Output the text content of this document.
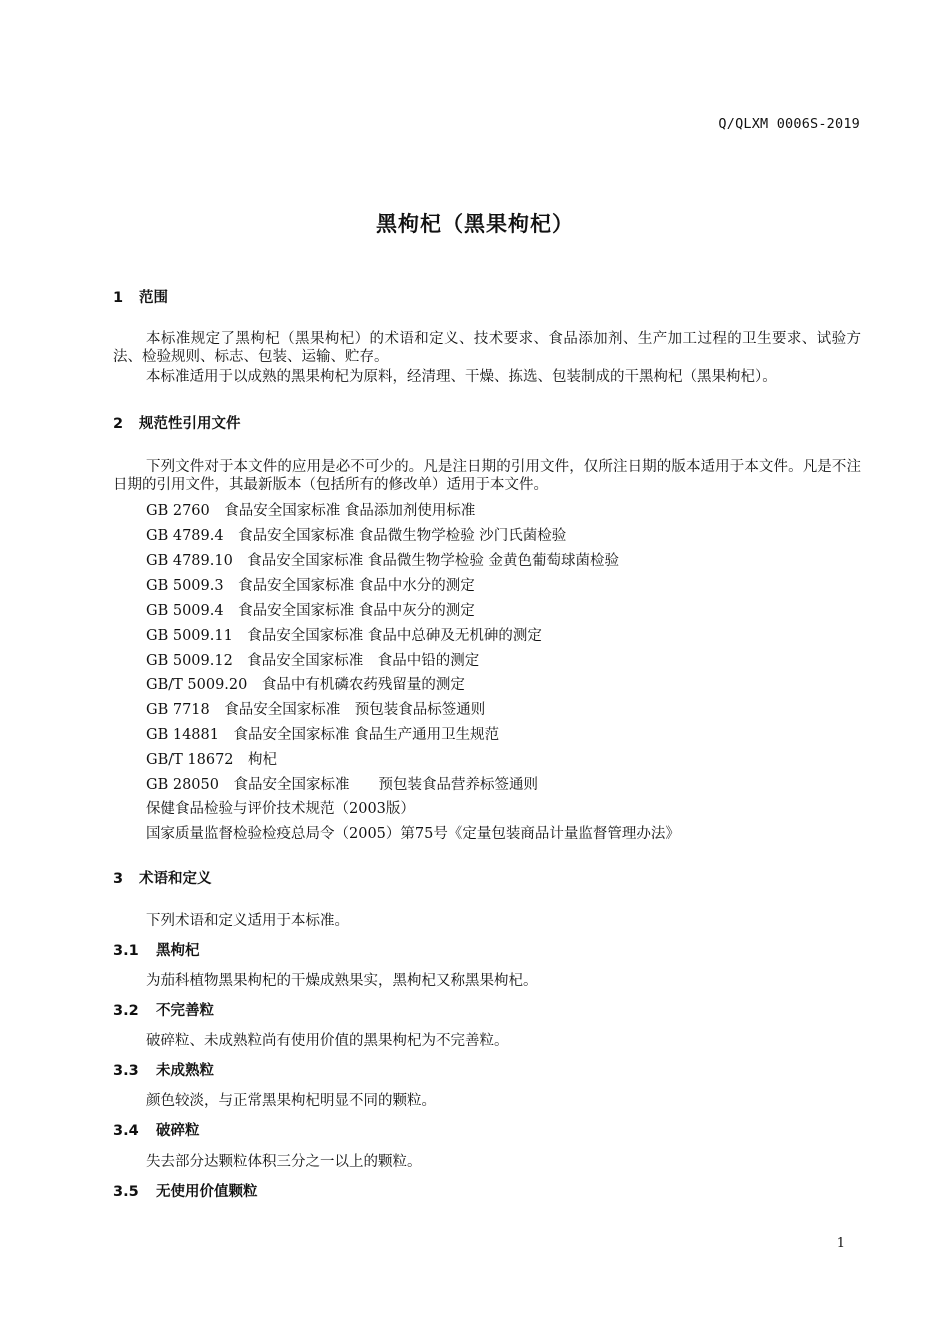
Q/QLXM 0006S-2019
黑枸杞（黑果枸杞）
1 范围
本标准规定了黑枸杞（黑果枸杞）的术语和定义、技术要求、食品添加剂、生产加工过程的卫生要求、试验方法、检验规则、标志、包装、运输、贮存。
本标准适用于以成熟的黑果枸杞为原料，经清理、干燥、拣选、包装制成的干黑枸杞（黑果枸杞）。
2 规范性引用文件
下列文件对于本文件的应用是必不可少的。凡是注日期的引用文件，仅所注日期的版本适用于本文件。凡是不注日期的引用文件，其最新版本（包括所有的修改单）适用于本文件。
GB 2760　食品安全国家标准 食品添加剂使用标准
GB 4789.4　食品安全国家标准 食品微生物学检验 沙门氏菌检验
GB 4789.10　食品安全国家标准 食品微生物学检验 金黄色葡萄球菌检验
GB 5009.3　食品安全国家标准 食品中水分的测定
GB 5009.4　食品安全国家标准 食品中灰分的测定
GB 5009.11　食品安全国家标准 食品中总砷及无机砷的测定
GB 5009.12　食品安全国家标准　食品中铅的测定
GB/T 5009.20　食品中有机磷农药残留量的测定
GB 7718　食品安全国家标准　预包装食品标签通则
GB 14881　食品安全国家标准 食品生产通用卫生规范
GB/T 18672　枸杞
GB 28050　食品安全国家标准　　预包装食品营养标签通则
保健食品检验与评价技术规范（2003版）
国家质量监督检验检疫总局令（2005）第75号《定量包装商品计量监督管理办法》
3 术语和定义
下列术语和定义适用于本标准。
3.1 黑枸杞
为茄科植物黑果枸杞的干燥成熟果实，黑枸杞又称黑果枸杞。
3.2 不完善粒
破碎粒、未成熟粒尚有使用价值的黑果枸杞为不完善粒。
3.3 未成熟粒
颜色较淡，与正常黑果枸杞明显不同的颗粒。
3.4 破碎粒
失去部分达颗粒体积三分之一以上的颗粒。
3.5 无使用价值颗粒
1
